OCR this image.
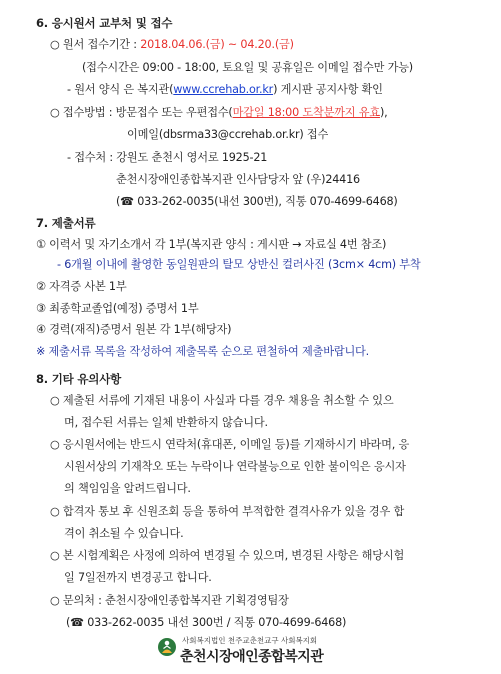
6. 응시원서 교부처 및 접수
○ 원서 접수기간 : 2018.04.06.(금) ~ 04.20.(금)
(접수시간은 09:00 - 18:00, 토요일 및 공휴일은 이메일 접수만 가능)
- 원서 양식 은 복지관(www.ccrehab.or.kr) 게시판 공지사항 확인
○ 접수방법 : 방문접수 또는 우편접수(마감일 18:00 도착분까지 유효),
이메일(dbsrma33@ccrehab.or.kr) 접수
- 접수처 : 강원도 춘천시 영서로 1925-21
춘천시장애인종합복지관 인사담당자 앞 (우)24416
(☎ 033-262-0035(내선 300번), 직통 070-4699-6468)
7. 제출서류
① 이력서 및 자기소개서 각 1부(복지관 양식 : 게시판 → 자료실 4번 참조)
- 6개월 이내에 촬영한 동일원판의 탈모 상반신 컬러사진 (3cm× 4cm) 부착
② 자격증 사본 1부
③ 최종학교졸업(예정) 증명서 1부
④ 경력(재직)증명서 원본 각 1부(해당자)
※ 제출서류 목록을 작성하여 제출목록 순으로 편철하여 제출바랍니다.
8. 기타 유의사항
○ 제출된 서류에 기재된 내용이 사실과 다를 경우 채용을 취소할 수 있으
며, 접수된 서류는 일체 반환하지 않습니다.
○ 응시원서에는 반드시 연락처(휴대폰, 이메일 등)를 기재하시기 바라며, 응
시원서상의 기재착오 또는 누락이나 연락불능으로 인한 불이익은 응시자
의 책임임을 알려드립니다.
○ 합격자 통보 후 신원조회 등을 통하여 부적합한 결격사유가 있을 경우 합
격이 취소될 수 있습니다.
○ 본 시험계획은 사정에 의하여 변경될 수 있으며, 변경된 사항은 해당시험
일 7일전까지 변경공고 합니다.
○ 문의처 : 춘천시장애인종합복지관 기획경영팀장
(☎ 033-262-0035 내선 300번 / 직통 070-4699-6468)
사회복지법인 천주교춘천교구 사회복지회
춘천시장애인종합복지관
